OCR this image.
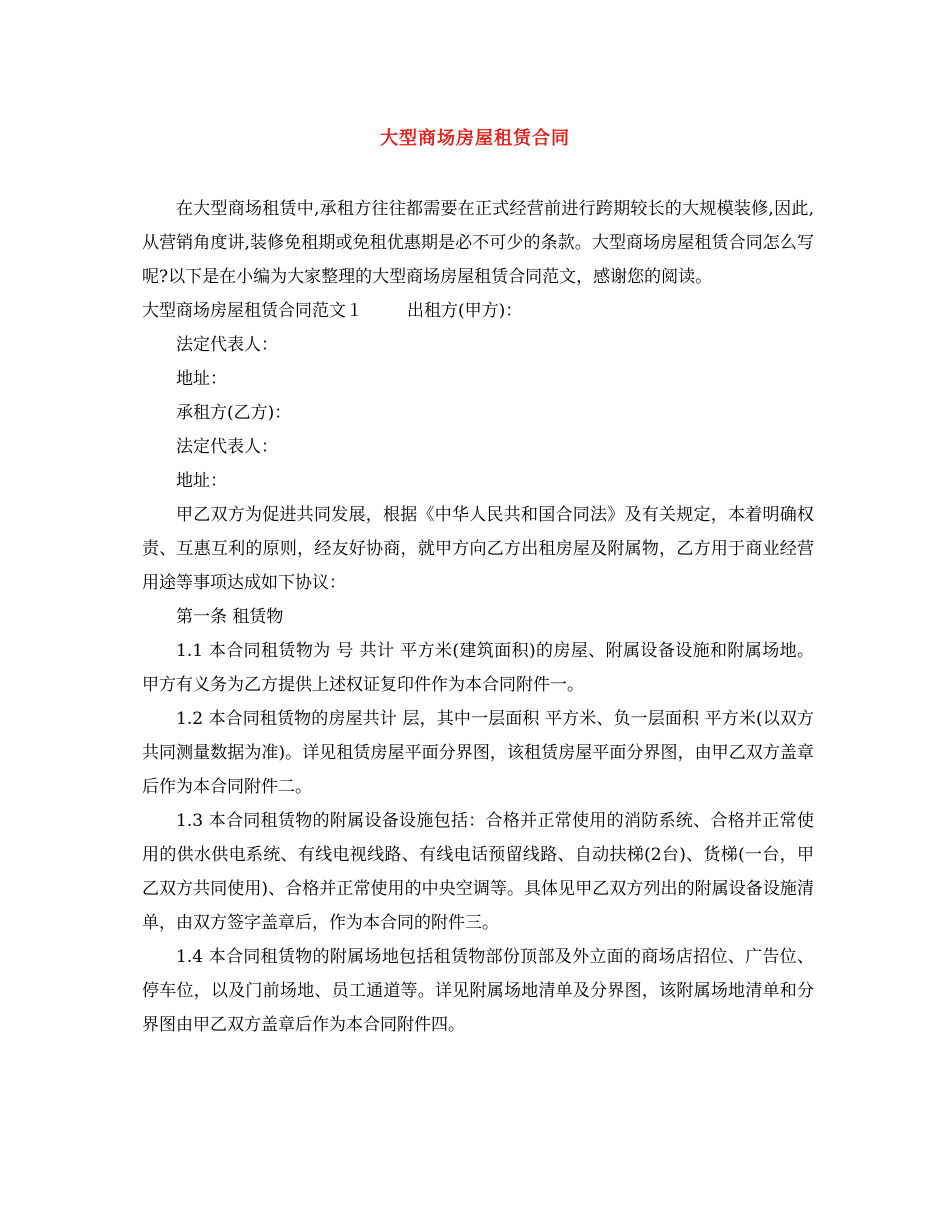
大型商场房屋租赁合同

在大型商场租赁中,承租方往往都需要在正式经营前进行跨期较长的大规模装修,因此,从营销角度讲,装修免租期或免租优惠期是必不可少的条款。大型商场房屋租赁合同怎么写呢?以下是在小编为大家整理的大型商场房屋租赁合同范文，感谢您的阅读。

大型商场房屋租赁合同范文１	出租方(甲方)：

法定代表人：

地址：

承租方(乙方)：

法定代表人：

地址：

甲乙双方为促进共同发展，根据《中华人民共和国合同法》及有关规定，本着明确权责、互惠互利的原则，经友好协商，就甲方向乙方出租房屋及附属物，乙方用于商业经营用途等事项达成如下协议：

第一条 租赁物

1.1 本合同租赁物为 号 共计 平方米(建筑面积)的房屋、附属设备设施和附属场地。甲方有义务为乙方提供上述权证复印件作为本合同附件一。

1.2 本合同租赁物的房屋共计 层，其中一层面积 平方米、负一层面积 平方米(以双方共同测量数据为准)。详见租赁房屋平面分界图，该租赁房屋平面分界图，由甲乙双方盖章后作为本合同附件二。

1.3 本合同租赁物的附属设备设施包括：合格并正常使用的消防系统、合格并正常使用的供水供电系统、有线电视线路、有线电话预留线路、自动扶梯(2台)、货梯(一台，甲乙双方共同使用)、合格并正常使用的中央空调等。具体见甲乙双方列出的附属设备设施清单，由双方签字盖章后，作为本合同的附件三。

1.4 本合同租赁物的附属场地包括租赁物部份顶部及外立面的商场店招位、广告位、停车位，以及门前场地、员工通道等。详见附属场地清单及分界图，该附属场地清单和分界图由甲乙双方盖章后作为本合同附件四。
